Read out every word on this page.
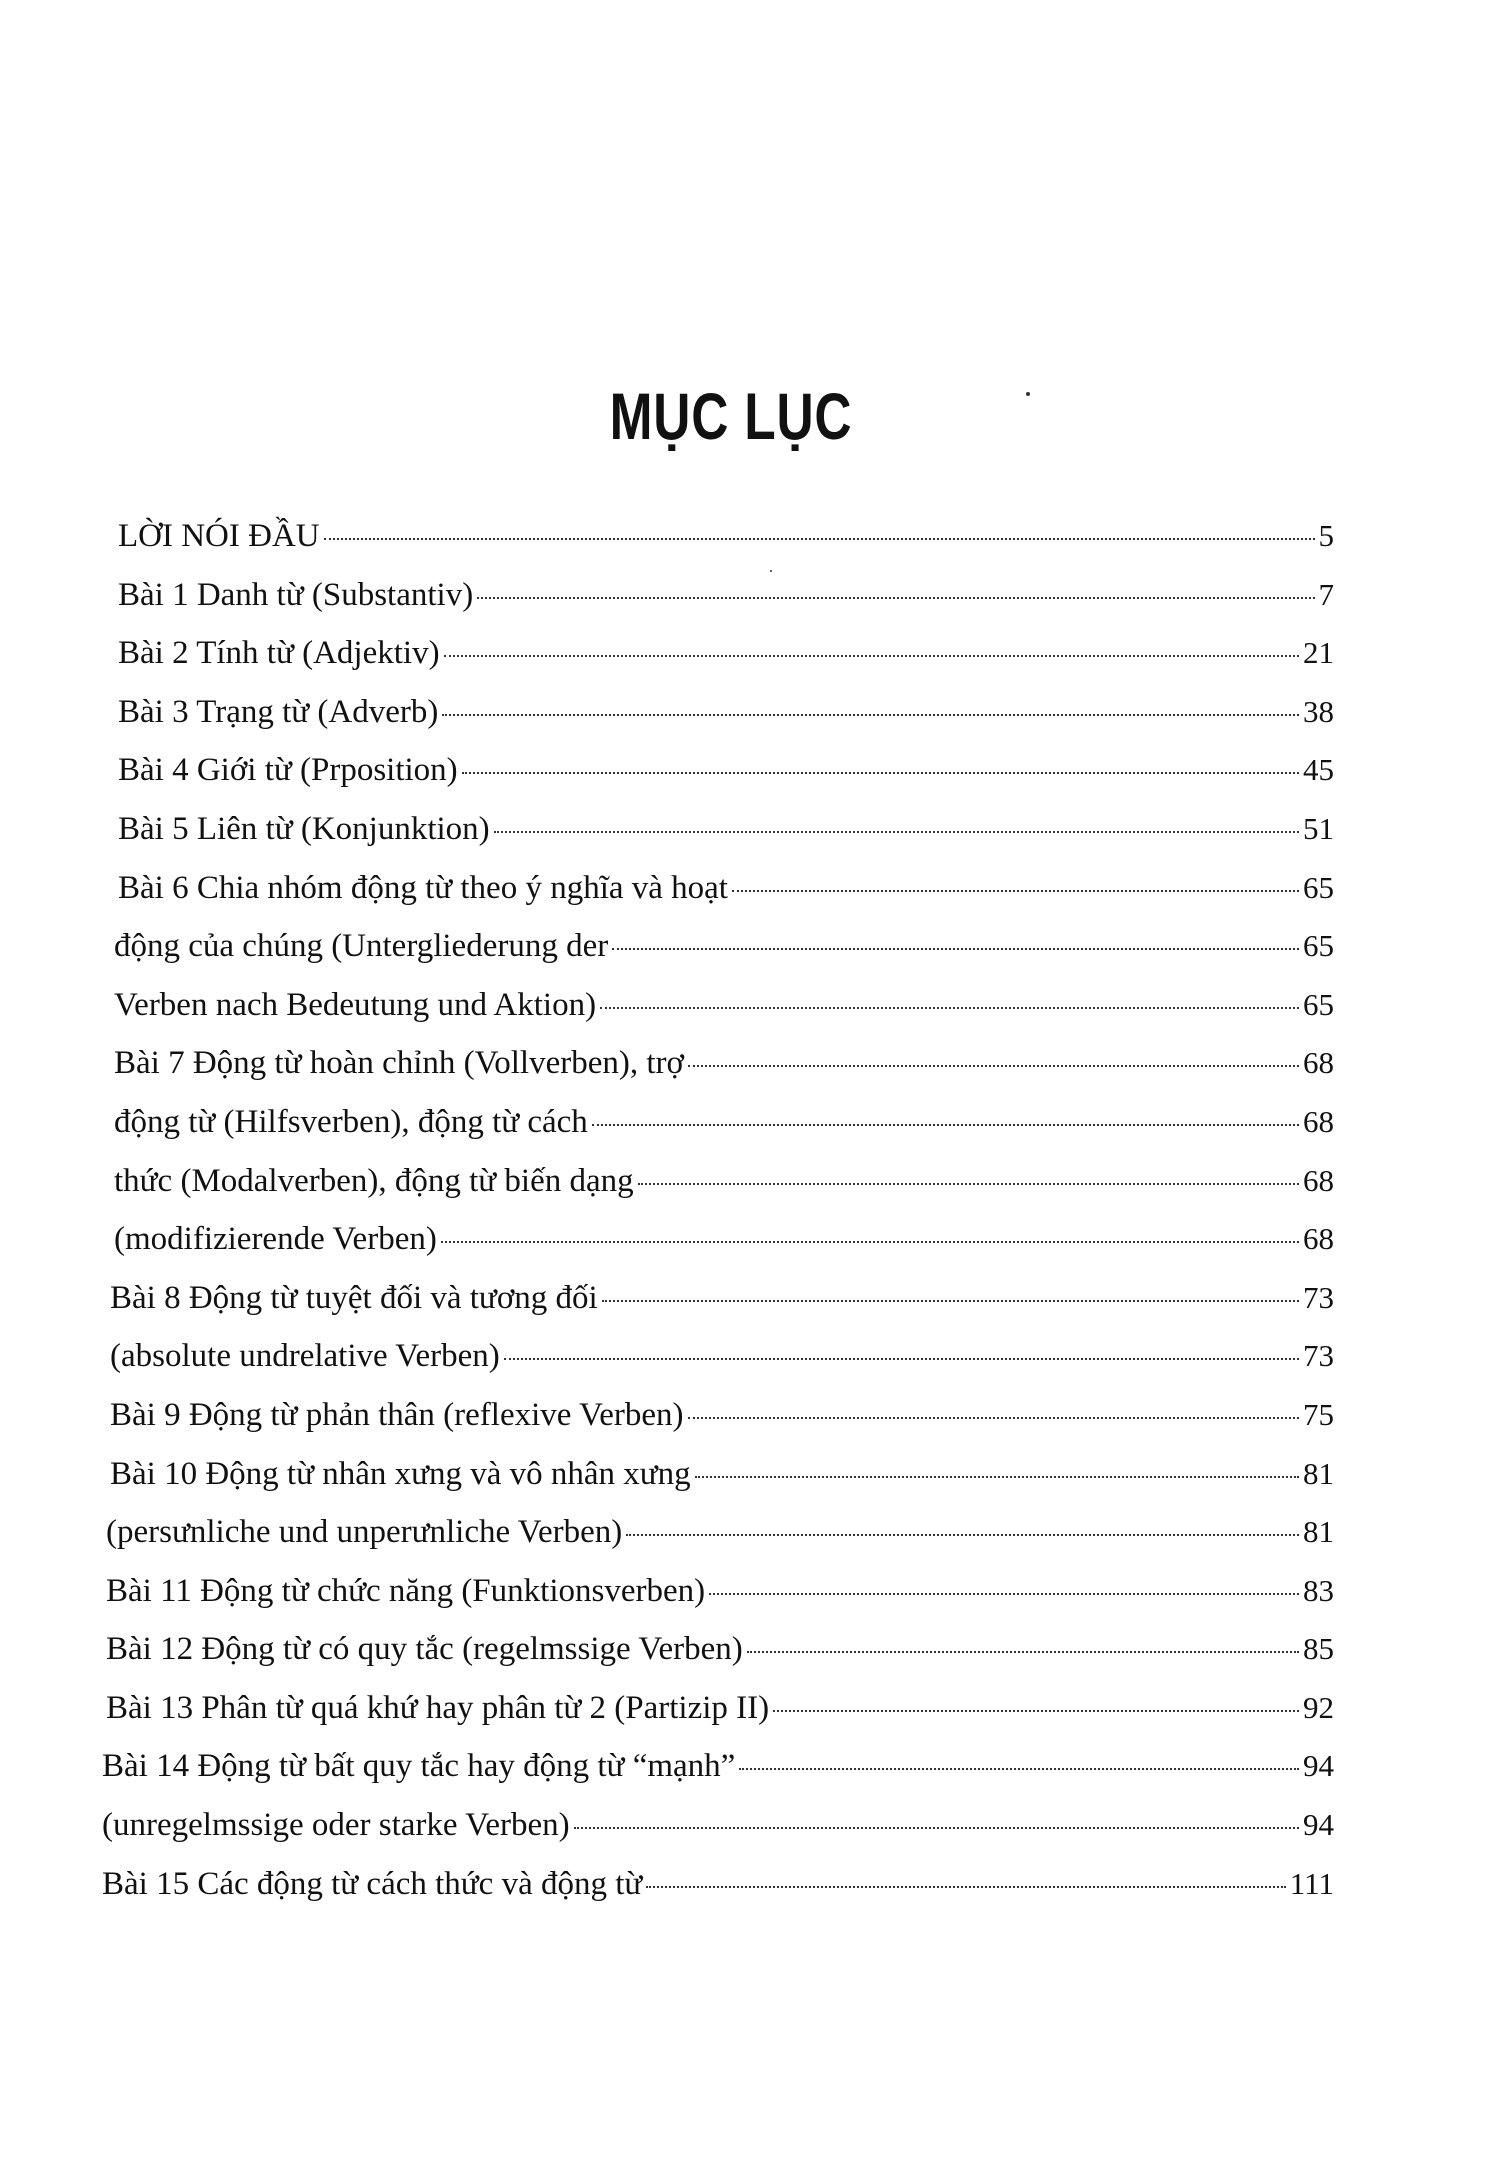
MỤC LỤC
LỜI NÓI ĐẦU	5
Bài 1 Danh từ (Substantiv)	7
Bài 2 Tính từ (Adjektiv)	21
Bài 3 Trạng từ (Adverb)	38
Bài 4 Giới từ (Prposition)	45
Bài 5 Liên từ (Konjunktion)	51
Bài 6 Chia nhóm động từ theo ý nghĩa và hoạt	65
động của chúng (Untergliederung der	65
Verben nach Bedeutung und Aktion)	65
Bài 7 Động từ hoàn chỉnh (Vollverben), trợ	68
động từ (Hilfsverben), động từ cách	68
thức (Modalverben), động từ biến dạng	68
(modifizierende Verben)	68
Bài 8 Động từ tuyệt đối và tương đối	73
(absolute undrelative Verben)	73
Bài 9 Động từ phản thân (reflexive Verben)	75
Bài 10 Động từ nhân xưng và vô nhân xưng	81
(persưnliche und unperưnliche Verben)	81
Bài 11 Động từ chức năng (Funktionsverben)	83
Bài 12 Động từ có quy tắc (regelmssige Verben)	85
Bài 13 Phân từ quá khứ hay phân từ 2 (Partizip II)	92
Bài 14 Động từ bất quy tắc hay động từ “mạnh”	94
(unregelmssige oder starke Verben)	94
Bài 15 Các động từ cách thức và động từ	111
